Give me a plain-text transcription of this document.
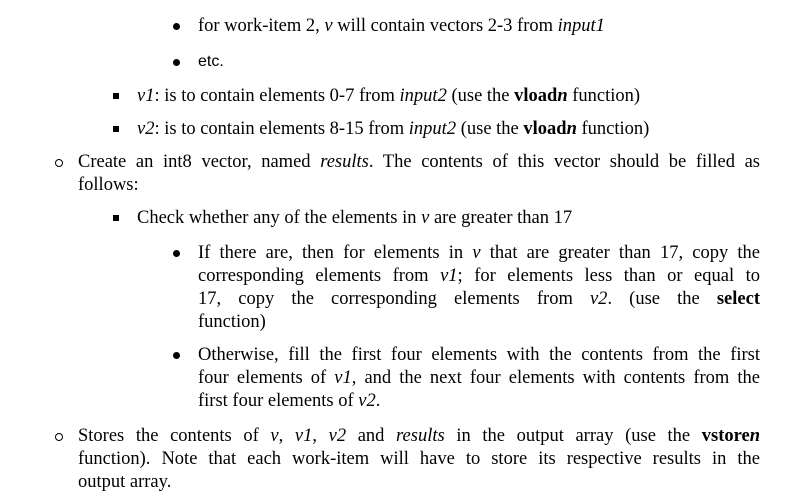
for work-item 2, v will contain vectors 2-3 from input1
etc.
v1: is to contain elements 0-7 from input2 (use the vloadn function)
v2: is to contain elements 8-15 from input2 (use the vloadn function)
Create an int8 vector, named results. The contents of this vector should be filled as
follows:
Check whether any of the elements in v are greater than 17
If there are, then for elements in v that are greater than 17, copy the
corresponding elements from v1; for elements less than or equal to
17, copy the corresponding elements from v2. (use the select
function)
Otherwise, fill the first four elements with the contents from the first
four elements of v1, and the next four elements with contents from the
first four elements of v2.
Stores the contents of v, v1, v2 and results in the output array (use the vstoren
function). Note that each work-item will have to store its respective results in the
output array.
